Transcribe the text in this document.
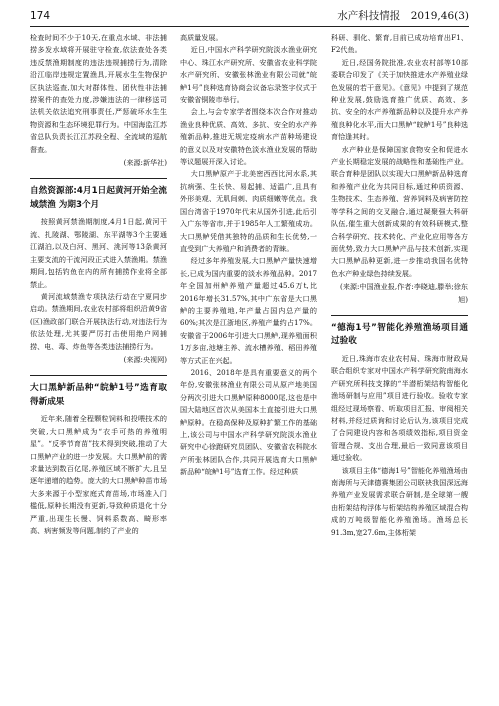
174	水产科技情报　2019,46(3)

检查时间不少于10天,在重点水域、非法捕捞多发水域将开展驻守检查,依法查处各类违反禁渔期制度的违法违规捕捞行为,清除沿江临岸违规定置渔具,开展水生生物保护区执法巡查,加大对群体性、团伙性非法捕捞案件的查处力度,涉嫌违法的一律移送司法机关依法追究刑事责任,严惩破坏水生生物资源和生态环境犯罪行为。中国海监江苏省总队负责长江江苏段全程、全流域的巡航督查。

(来源:新华社)
自然资源部:4月1日起黄河开始全流域禁渔 为期3个月

按照黄河禁渔期制度,4月1日起,黄河干流、扎陵湖、鄂陵湖、东平湖等3个主要通江湖泊,以及白河、黑河、洮河等13条黄河主要支流的干流河段正式进入禁渔期。禁渔期间,包括钓鱼在内的所有捕捞作业将全部禁止。

黄河流域禁渔专项执法行动在宁夏同步启动。禁渔期间,农业农村部将组织沿黄9省(区)渔政部门联合开展执法行动,对违法行为依法处理,尤其要严厉打击使用绝户网捕捞、电、毒、炸鱼等各类违法捕捞行为。

(来源:央视网)
大口黑鲈新品种“皖鲈1号”选育取得新成果

近年来,随着全程颗粒饲料和投喂技术的突破,大口黑鲈成为“衣手可热的养殖明星”。“反季节育苗”技术得到突破,推动了大口黑鲈产业的进一步发展。大口黑鲈前的需求量达到数百亿尾,养殖区域不断扩大,且呈逐年递增的趋势。庞大的大口黑鲈种苗市场大多来源于小型家庭式育苗场,市场准入门槛低,原种长期没有更新,导致种质退化十分严重,出现生长慢、饲料系数高、畸形率高、病害频发等问题,制约了产业的

高质量发展。

近日,中国水产科学研究院淡水渔业研究中心、珠江水产研究所、安徽省农业科学院水产研究所、安徽张林渔业有限公司就“皖鲈1号”良种选育协商会议备忘录签字仪式于安徽省铜陵市举行。

会上,与会专家学者围绕本次合作对推动渔业良种优质、高效、多抗、安全的水产养殖新品种,推进无规定疫病水产苗种场建设的意义以及对安徽特色淡水渔业发展的帮助等议题展开深入讨论。

大口黑鲈原产于北美密西西比河水系,其抗病强、生长快、易起捕、适温广,且具有外形美观、无肌间刺、肉质细嫩等优点。我国台湾省于1970年代末从国外引进,此后引入广东等省市,并于1985年人工繁殖成功。大口黑鲈凭借其独特的品质和生长优势,一直受到广大养殖户和消费者的青睐。

经过多年养殖发展,大口黑鲈产量快速增长,已成为国内重要的淡水养殖品种。2017年全国加州鲈养殖产量超过45.6万t,比2016年增长31.57%,其中广东省是大口黑鲈的主要养殖地,年产量占国内总产量的60%;其次是江浙地区,养殖产量约占17%。安徽省于2006年引进大口黑鲈,现养殖面积1万多亩,池塘主养、流水槽养殖、稻田养殖等方式正在兴起。

2016、2018年是具有重要意义的两个年份,安徽张林渔业有限公司从原产地美国分两次引进大口黑鲈原种8000尾,这也是中国大陆地区首次从美国本土直接引进大口黑鲈原种。在稳高保种及原种扩繁工作的基础上,该公司与中国水产科学研究院淡水渔业研究中心徐跑研究员团队、安徽省农科院水产所张林团队合作,共同开展选育大口黑鲈新品种“皖鲈1号”选育工作。经过种质

科研、驯化、繁育,目前已成功培育出F1、F2代鱼。

近日,经国务院批准,农业农村部等10部委联合印发了《关于加快推进水产养殖业绿色发展的若干意见》。《意见》中提到了规范种业发展,鼓励选育推广优质、高效、多抗、安全的水产养殖新品种以及提升水产养殖良种化水平,而大口黑鲈“皖鲈1号”良种选育恰逢其时。

水产种业是保障国家食物安全和促进水产业长期稳定发展的战略性和基础性产业。联合育种是团队以实现大口黑鲈新品种选育和养殖产业化为共同目标,通过种质资源、生物技术、生态养殖、营养饲料及病害防控等学科之间的交叉融合,通过凝聚强大科研队伍,催生重大创新成果的有效科研模式,整合科学研究、技术转化、产业化应用等各方面优势,致力大口黑鲈产品与技术创新,实现大口黑鲈品种更新,进一步推动我国名优特色水产种业绿色持续发展。

(来源:中国渔业报,作者:李晓迪,滕举;徐东旭)
“德海1号”智能化养殖渔场项目通过验收

近日,珠海市农业农村局、珠海市财政局联合组织专家对中国水产科学研究院南海水产研究所科技支撑的“半潜桁架结构智能化渔场研制与应用”项目进行验收。验收专家组经过现场察看、听取项目汇报、审阅相关材料,并经过质询和讨论后认为,该项目完成了合同建设内容和各项绩效指标,项目资金管理合规、支出合理,最后一致同意该项目通过验收。

该项目主体“德海1号”智能化养殖渔场由南海所与天津德赛集团公司联袂我国深远海养殖产业发展需求联合研制,是全球第一艘由桁架结构浮体与桁架结构养殖区域混合构成的万吨级智能化养殖渔场。渔场总长91.3m,宽27.6m,主体桁架
